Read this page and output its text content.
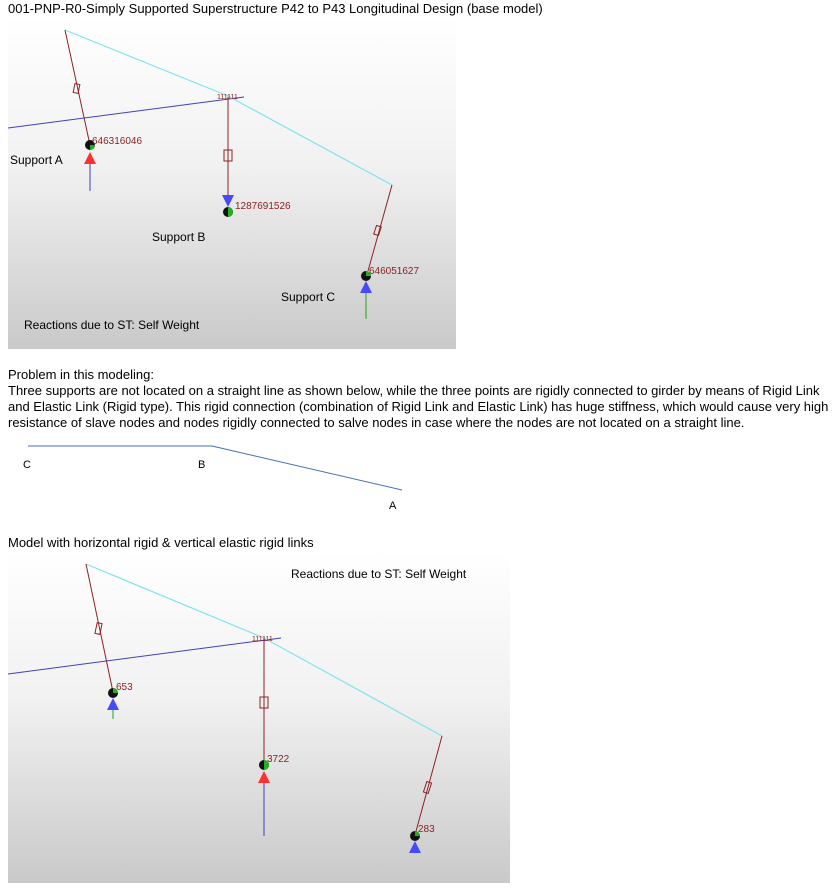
001-PNP-R0-Simply Supported Superstructure P42 to P43 Longitudinal Design (base model)
111111
646316046
1287691526
646051627
Support A
Support B
Support C
Reactions due to ST: Self Weight
Problem in this modeling:
Three supports are not located on a straight line as shown below, while the three points are rigidly connected to girder by means of Rigid Link and Elastic Link (Rigid type). This rigid connection (combination of Rigid Link and Elastic Link) has huge stiffness, which would cause very high resistance of slave nodes and nodes rigidly connected to salve nodes in case where the nodes are not located on a straight line.
C	B
A
Model with horizontal rigid & vertical elastic rigid links
111111
653
3722
283
Reactions due to ST: Self Weight
